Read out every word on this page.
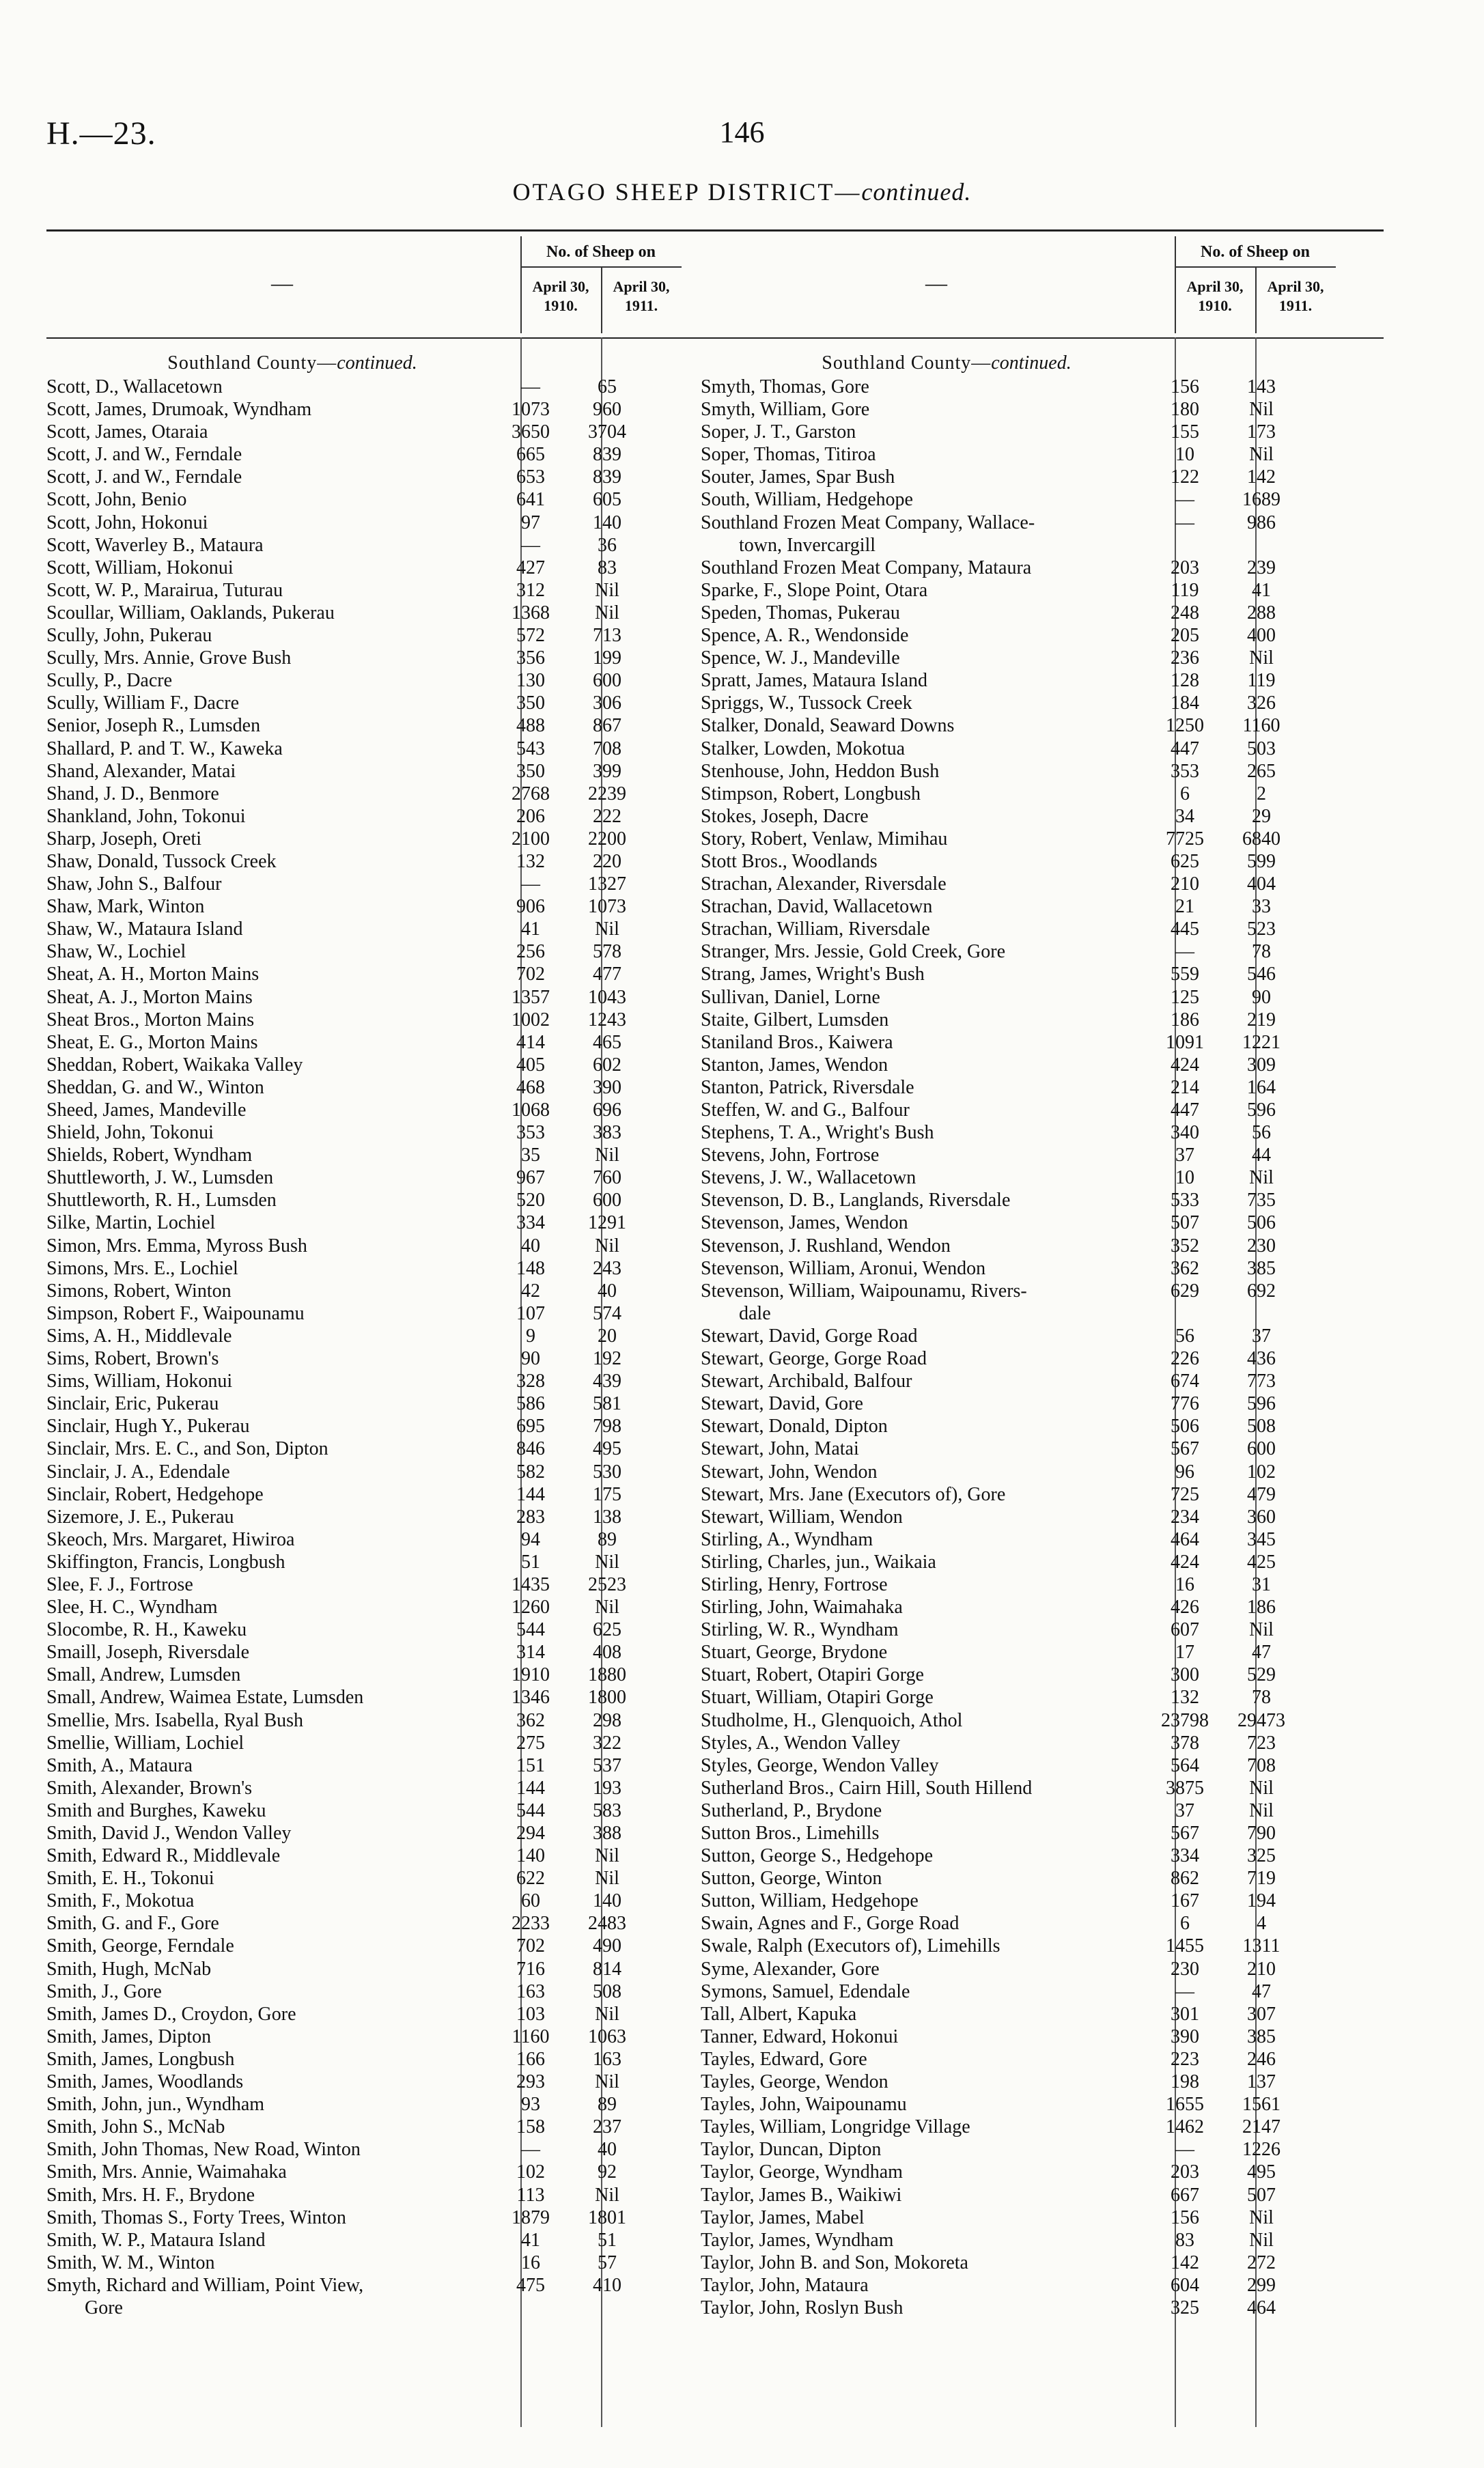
H.—23.	146
OTAGO SHEEP DISTRICT—continued.
—
No. of Sheep on
April 30, 1910.
April 30, 1911.
Southland County—continued.
Scott, D., Wallacetown	—	65
Scott, James, Drumoak, Wyndham	1073	960
Scott, James, Otaraia	3650	3704
Scott, J. and W., Ferndale	665	839
Scott, J. and W., Ferndale	653	839
Scott, John, Benio	641	605
Scott, John, Hokonui	97	140
Scott, Waverley B., Mataura	—	36
Scott, William, Hokonui	427	83
Scott, W. P., Marairua, Tuturau	312	Nil
Scoullar, William, Oaklands, Pukerau	1368	Nil
Scully, John, Pukerau	572	713
Scully, Mrs. Annie, Grove Bush	356	199
Scully, P., Dacre	130	600
Scully, William F., Dacre	350	306
Senior, Joseph R., Lumsden	488	867
Shallard, P. and T. W., Kaweka	543	708
Shand, Alexander, Matai	350	399
Shand, J. D., Benmore	2768	2239
Shankland, John, Tokonui	206	222
Sharp, Joseph, Oreti	2100	2200
Shaw, Donald, Tussock Creek	132	220
Shaw, John S., Balfour	—	1327
Shaw, Mark, Winton	906	1073
Shaw, W., Mataura Island	41	Nil
Shaw, W., Lochiel	256	578
Sheat, A. H., Morton Mains	702	477
Sheat, A. J., Morton Mains	1357	1043
Sheat Bros., Morton Mains	1002	1243
Sheat, E. G., Morton Mains	414	465
Sheddan, Robert, Waikaka Valley	405	602
Sheddan, G. and W., Winton	468	390
Sheed, James, Mandeville	1068	696
Shield, John, Tokonui	353	383
Shields, Robert, Wyndham	35	Nil
Shuttleworth, J. W., Lumsden	967	760
Shuttleworth, R. H., Lumsden	520	600
Silke, Martin, Lochiel	334	1291
Simon, Mrs. Emma, Myross Bush	40	Nil
Simons, Mrs. E., Lochiel	148	243
Simons, Robert, Winton	42	40
Simpson, Robert F., Waipounamu	107	574
Sims, A. H., Middlevale	9	20
Sims, Robert, Brown's	90	192
Sims, William, Hokonui	328	439
Sinclair, Eric, Pukerau	586	581
Sinclair, Hugh Y., Pukerau	695	798
Sinclair, Mrs. E. C., and Son, Dipton	846	495
Sinclair, J. A., Edendale	582	530
Sinclair, Robert, Hedgehope	144	175
Sizemore, J. E., Pukerau	283	138
Skeoch, Mrs. Margaret, Hiwiroa	94	89
Skiffington, Francis, Longbush	51	Nil
Slee, F. J., Fortrose	1435	2523
Slee, H. C., Wyndham	1260	Nil
Slocombe, R. H., Kaweku	544	625
Smaill, Joseph, Riversdale	314	408
Small, Andrew, Lumsden	1910	1880
Small, Andrew, Waimea Estate, Lumsden	1346	1800
Smellie, Mrs. Isabella, Ryal Bush	362	298
Smellie, William, Lochiel	275	322
Smith, A., Mataura	151	537
Smith, Alexander, Brown's	144	193
Smith and Burghes, Kaweku	544	583
Smith, David J., Wendon Valley	294	388
Smith, Edward R., Middlevale	140	Nil
Smith, E. H., Tokonui	622	Nil
Smith, F., Mokotua	60	140
Smith, G. and F., Gore	2233	2483
Smith, George, Ferndale	702	490
Smith, Hugh, McNab	716	814
Smith, J., Gore	163	508
Smith, James D., Croydon, Gore	103	Nil
Smith, James, Dipton	1160	1063
Smith, James, Longbush	166	163
Smith, James, Woodlands	293	Nil
Smith, John, jun., Wyndham	93	89
Smith, John S., McNab	158	237
Smith, John Thomas, New Road, Winton	—	40
Smith, Mrs. Annie, Waimahaka	102	92
Smith, Mrs. H. F., Brydone	113	Nil
Smith, Thomas S., Forty Trees, Winton	1879	1801
Smith, W. P., Mataura Island	41	51
Smith, W. M., Winton	16	57
Smyth, Richard and William, Point View,
Gore
475	410
—
No. of Sheep on
April 30, 1910.
April 30, 1911.
Southland County—continued.
Smyth, Thomas, Gore	156	143
Smyth, William, Gore	180	Nil
Soper, J. T., Garston	155	173
Soper, Thomas, Titiroa	10	Nil
Souter, James, Spar Bush	122	142
South, William, Hedgehope	—	1689
Southland Frozen Meat Company, Wallace-
town, Invercargill
—	986
Southland Frozen Meat Company, Mataura	203	239
Sparke, F., Slope Point, Otara	119	41
Speden, Thomas, Pukerau	248	288
Spence, A. R., Wendonside	205	400
Spence, W. J., Mandeville	236	Nil
Spratt, James, Mataura Island	128	119
Spriggs, W., Tussock Creek	184	326
Stalker, Donald, Seaward Downs	1250	1160
Stalker, Lowden, Mokotua	447	503
Stenhouse, John, Heddon Bush	353	265
Stimpson, Robert, Longbush	6	2
Stokes, Joseph, Dacre	34	29
Story, Robert, Venlaw, Mimihau	7725	6840
Stott Bros., Woodlands	625	599
Strachan, Alexander, Riversdale	210	404
Strachan, David, Wallacetown	21	33
Strachan, William, Riversdale	445	523
Stranger, Mrs. Jessie, Gold Creek, Gore	—	78
Strang, James, Wright's Bush	559	546
Sullivan, Daniel, Lorne	125	90
Staite, Gilbert, Lumsden	186	219
Staniland Bros., Kaiwera	1091	1221
Stanton, James, Wendon	424	309
Stanton, Patrick, Riversdale	214	164
Steffen, W. and G., Balfour	447	596
Stephens, T. A., Wright's Bush	340	56
Stevens, John, Fortrose	37	44
Stevens, J. W., Wallacetown	10	Nil
Stevenson, D. B., Langlands, Riversdale	533	735
Stevenson, James, Wendon	507	506
Stevenson, J. Rushland, Wendon	352	230
Stevenson, William, Aronui, Wendon	362	385
Stevenson, William, Waipounamu, Rivers-
dale
629	692
Stewart, David, Gorge Road	56	37
Stewart, George, Gorge Road	226	436
Stewart, Archibald, Balfour	674	773
Stewart, David, Gore	776	596
Stewart, Donald, Dipton	506	508
Stewart, John, Matai	567	600
Stewart, John, Wendon	96	102
Stewart, Mrs. Jane (Executors of), Gore	725	479
Stewart, William, Wendon	234	360
Stirling, A., Wyndham	464	345
Stirling, Charles, jun., Waikaia	424	425
Stirling, Henry, Fortrose	16	31
Stirling, John, Waimahaka	426	186
Stirling, W. R., Wyndham	607	Nil
Stuart, George, Brydone	17	47
Stuart, Robert, Otapiri Gorge	300	529
Stuart, William, Otapiri Gorge	132	78
Studholme, H., Glenquoich, Athol	23798	29473
Styles, A., Wendon Valley	378	723
Styles, George, Wendon Valley	564	708
Sutherland Bros., Cairn Hill, South Hillend	3875	Nil
Sutherland, P., Brydone	37	Nil
Sutton Bros., Limehills	567	790
Sutton, George S., Hedgehope	334	325
Sutton, George, Winton	862	719
Sutton, William, Hedgehope	167	194
Swain, Agnes and F., Gorge Road	6	4
Swale, Ralph (Executors of), Limehills	1455	1311
Syme, Alexander, Gore	230	210
Symons, Samuel, Edendale	—	47
Tall, Albert, Kapuka	301	307
Tanner, Edward, Hokonui	390	385
Tayles, Edward, Gore	223	246
Tayles, George, Wendon	198	137
Tayles, John, Waipounamu	1655	1561
Tayles, William, Longridge Village	1462	2147
Taylor, Duncan, Dipton	—	1226
Taylor, George, Wyndham	203	495
Taylor, James B., Waikiwi	667	507
Taylor, James, Mabel	156	Nil
Taylor, James, Wyndham	83	Nil
Taylor, John B. and Son, Mokoreta	142	272
Taylor, John, Mataura	604	299
Taylor, John, Roslyn Bush	325	464
